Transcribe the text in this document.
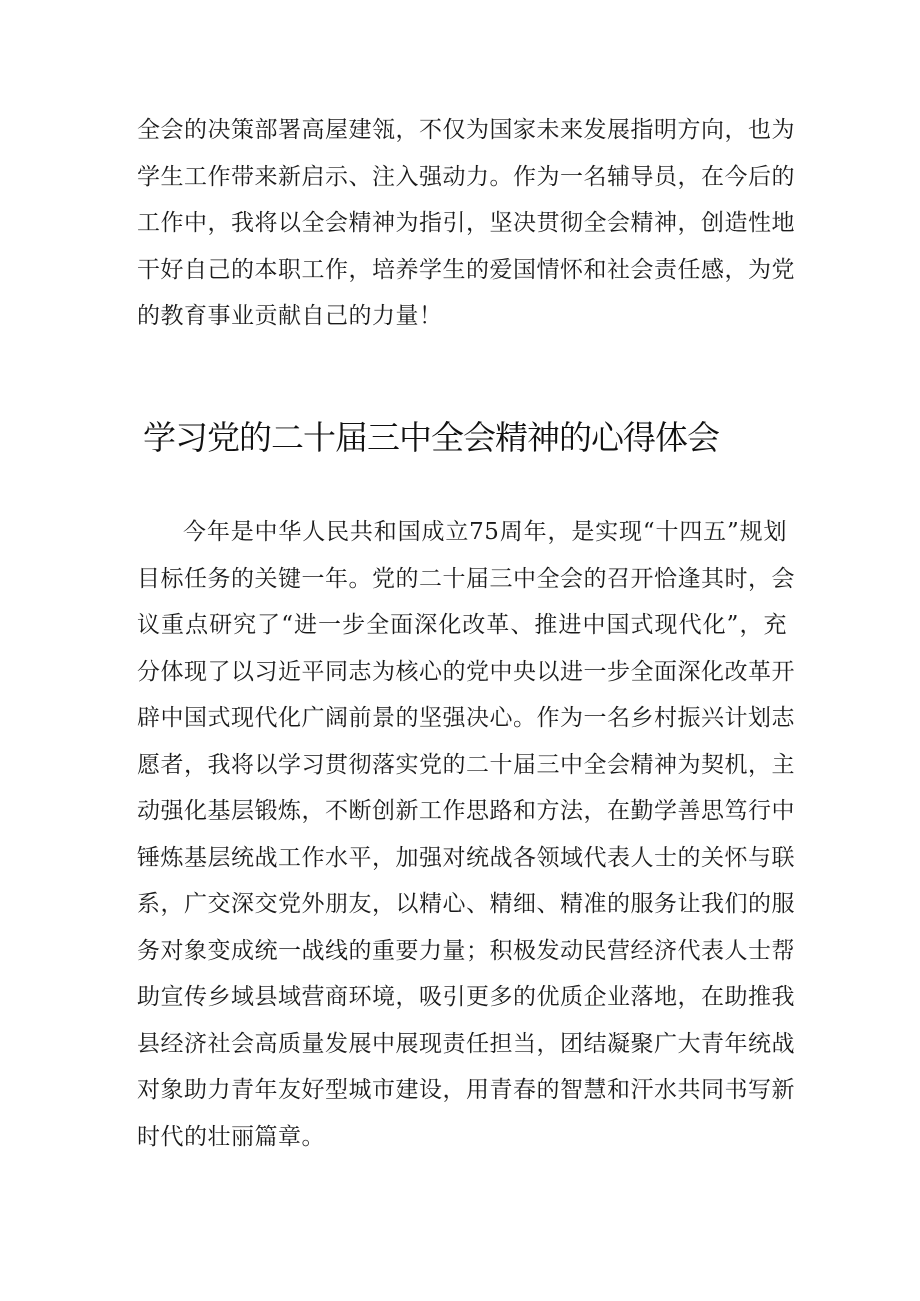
全会的决策部署高屋建瓴，不仅为国家未来发展指明方向，也为
学生工作带来新启示、注入强动力。作为一名辅导员，在今后的
工作中，我将以全会精神为指引，坚决贯彻全会精神，创造性地
干好自己的本职工作，培养学生的爱国情怀和社会责任感，为党
的教育事业贡献自己的力量！
学习党的二十届三中全会精神的心得体会
今年是中华人民共和国成立75周年，是实现“十四五”规划
目标任务的关键一年。党的二十届三中全会的召开恰逢其时，会
议重点研究了“进一步全面深化改革、推进中国式现代化”，充
分体现了以习近平同志为核心的党中央以进一步全面深化改革开
辟中国式现代化广阔前景的坚强决心。作为一名乡村振兴计划志
愿者，我将以学习贯彻落实党的二十届三中全会精神为契机，主
动强化基层锻炼，不断创新工作思路和方法，在勤学善思笃行中
锤炼基层统战工作水平，加强对统战各领域代表人士的关怀与联
系，广交深交党外朋友，以精心、精细、精准的服务让我们的服
务对象变成统一战线的重要力量；积极发动民营经济代表人士帮
助宣传乡域县域营商环境，吸引更多的优质企业落地，在助推我
县经济社会高质量发展中展现责任担当，团结凝聚广大青年统战
对象助力青年友好型城市建设，用青春的智慧和汗水共同书写新
时代的壮丽篇章。
